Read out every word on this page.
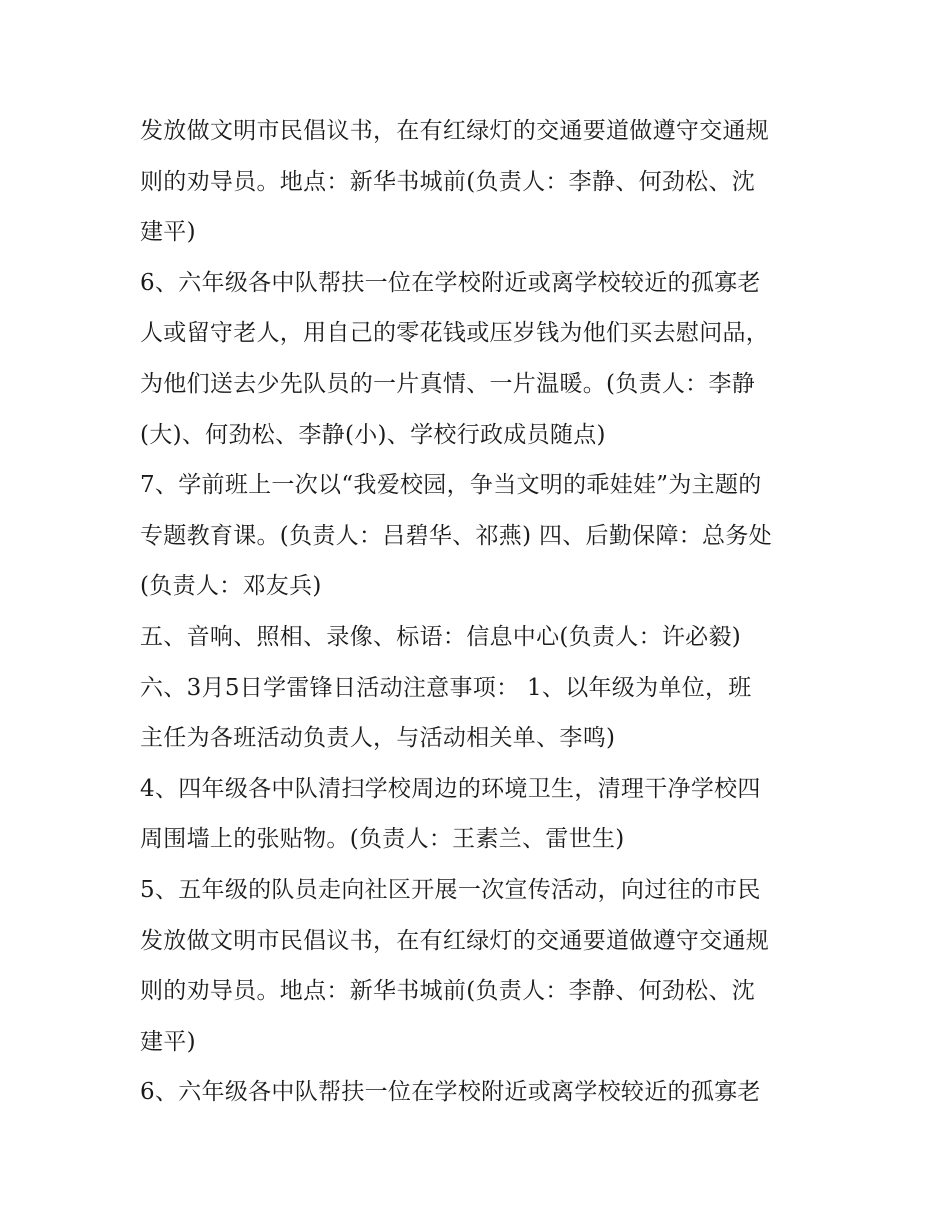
发放做文明市民倡议书，在有红绿灯的交通要道做遵守交通规
则的劝导员。地点：新华书城前(负责人：李静、何劲松、沈
建平)
6、六年级各中队帮扶一位在学校附近或离学校较近的孤寡老
人或留守老人，用自己的零花钱或压岁钱为他们买去慰问品，
为他们送去少先队员的一片真情、一片温暖。(负责人：李静
(大)、何劲松、李静(小)、学校行政成员随点)
7、学前班上一次以“我爱校园，争当文明的乖娃娃”为主题的
专题教育课。(负责人：吕碧华、祁燕) 四、后勤保障：总务处
(负责人：邓友兵)
五、音响、照相、录像、标语：信息中心(负责人：许必毅)
六、3月5日学雷锋日活动注意事项： 1、以年级为单位，班
主任为各班活动负责人，与活动相关单、李鸣)
4、四年级各中队清扫学校周边的环境卫生，清理干净学校四
周围墙上的张贴物。(负责人：王素兰、雷世生)
5、五年级的队员走向社区开展一次宣传活动，向过往的市民
发放做文明市民倡议书，在有红绿灯的交通要道做遵守交通规
则的劝导员。地点：新华书城前(负责人：李静、何劲松、沈
建平)
6、六年级各中队帮扶一位在学校附近或离学校较近的孤寡老
